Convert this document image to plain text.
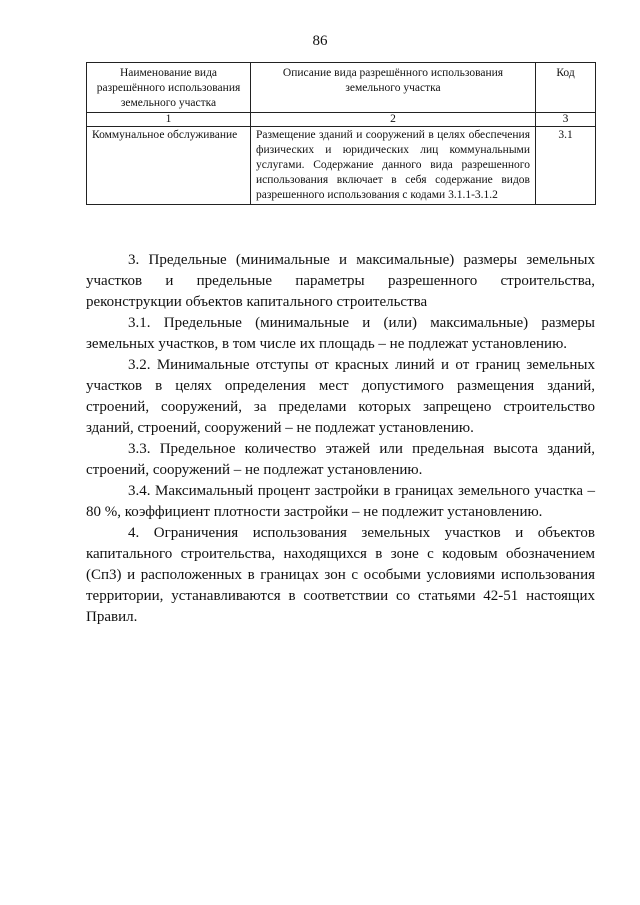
86
Наименование вида разрешённого использования земельного участка	Описание вида разрешённого использования земельного участка	Код
1	2	3
Коммунальное обслуживание	Размещение зданий и сооружений в целях обеспечения физических и юридических лиц коммунальными услугами. Содержание данного вида разрешенного использования включает в себя содержание видов разрешенного использования с кодами 3.1.1-3.1.2	3.1

3. Предельные (минимальные и максимальные) размеры земельных участков и предельные параметры разрешенного строительства, реконструкции объектов капитального строительства

3.1. Предельные (минимальные и (или) максимальные) размеры земельных участков, в том числе их площадь – не подлежат установлению.

3.2. Минимальные отступы от красных линий и от границ земельных участков в целях определения мест допустимого размещения зданий, строений, сооружений, за пределами которых запрещено строительство зданий, строений, сооружений – не подлежат установлению.

3.3. Предельное количество этажей или предельная высота зданий, строений, сооружений – не подлежат установлению.

3.4. Максимальный процент застройки в границах земельного участка – 80 %, коэффициент плотности застройки – не подлежит установлению.

4. Ограничения использования земельных участков и объектов капитального строительства, находящихся в зоне с кодовым обозначением (Сп3) и расположенных в границах зон с особыми условиями использования территории, устанавливаются в соответствии со статьями 42-51 настоящих Правил.
